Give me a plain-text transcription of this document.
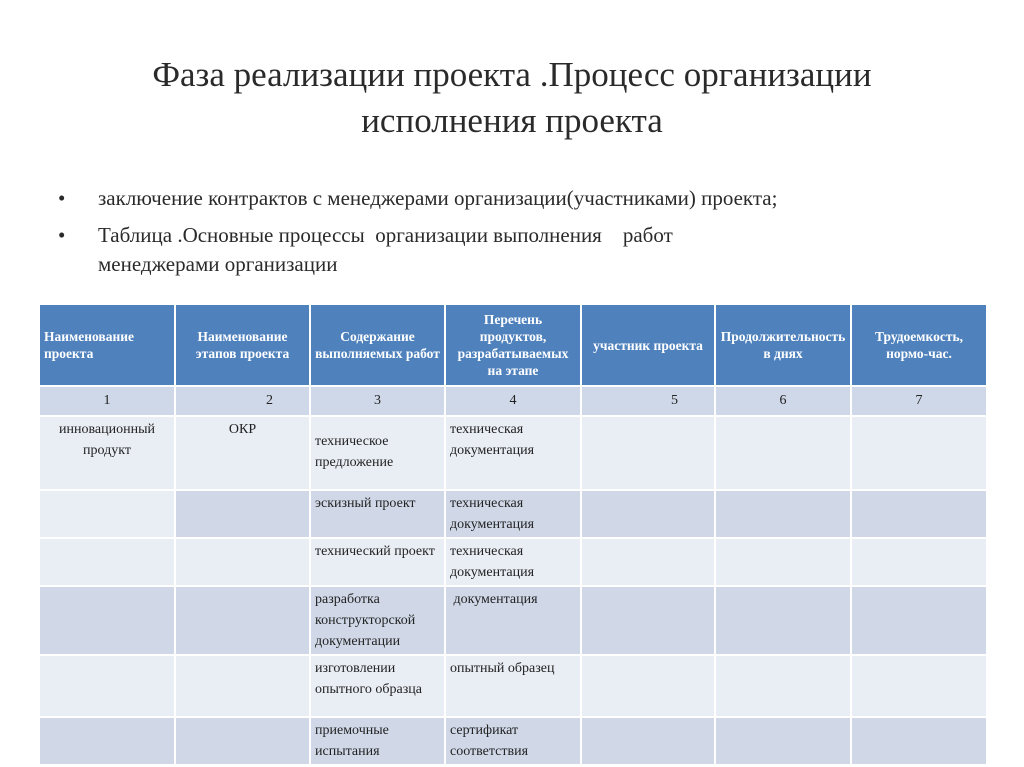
Фаза реализации проекта .Процесс организации
исполнения проекта
• заключение контрактов с менеджерами организации(участниками) проекта;
• Таблица .Основные процессы  организации выполнения    работ
менеджерами организации
Наименование проекта	Наименование этапов проекта	Содержание выполняемых работ	Перечень продуктов, разрабатываемых на этапе	участник проекта	Продолжительность в днях	Трудоемкость, нормо-час.
1	2	3	4	5	6	7
инновационный продукт	ОКР	техническое предложение	техническая документация			
		эскизный проект	техническая документация			
		технический проект	техническая документация			
		разработка конструкторской документации	документация			
		изготовлении опытного образца	опытный образец			
		приемочные испытания	сертификат соответствия			
